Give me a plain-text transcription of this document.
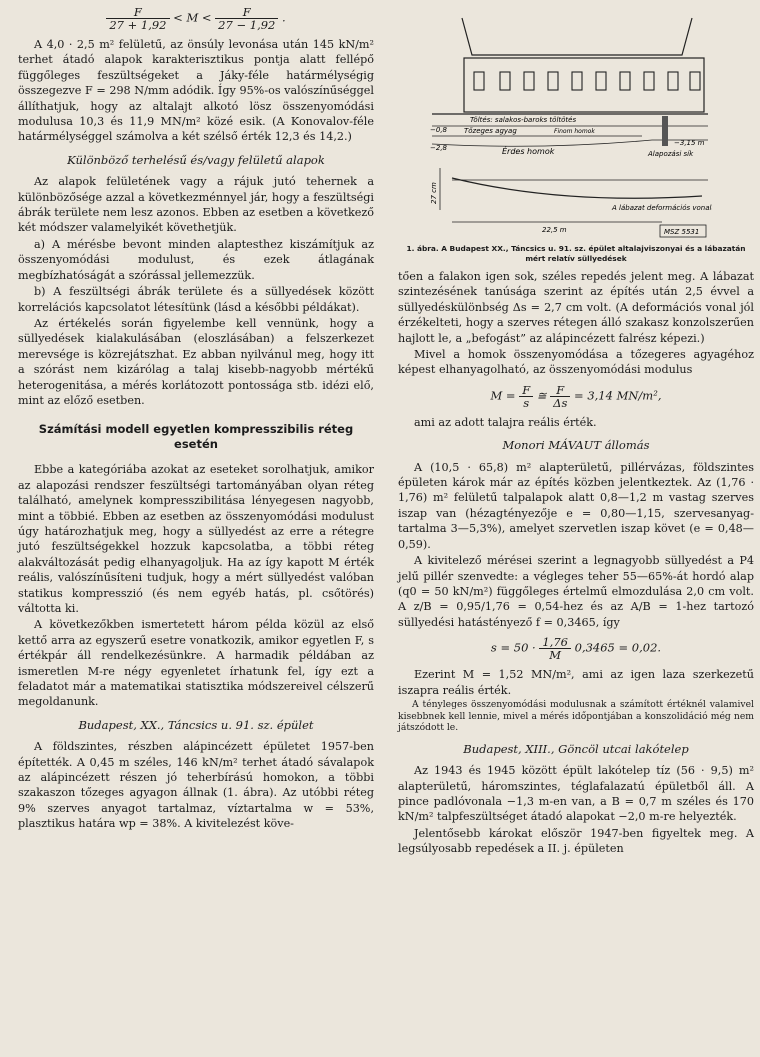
$\frac{F}{27 + 1,92} < M < \frac{F}{27 - 1,92}$ .

A 4,0 · 2,5 m² felületű, az önsúly levonása után 145 kN/m² terhet átadó alapok karakterisztikus pontja alatt fellépő függőleges feszültségeket a Jáky-féle határmélységig összegezve F = 298 N/mm adódik. Így 95%-os valószínűséggel állíthatjuk, hogy az altalajt alkotó lösz összenyomódási modulusa 10,3 és 11,9 MN/m² közé esik. (A Konovalov-féle határmélységgel számolva a két szélső érték 12,3 és 14,2.)

Különböző terhelésű és/vagy felületű alapok

Az alapok felületének vagy a rájuk jutó tehernek a különbözősége azzal a következménnyel jár, hogy a feszültségi ábrák területe nem lesz azonos. Ebben az esetben a következő két módszer valamelyikét követhetjük.

a) A mérésbe bevont minden alaptesthez kiszámítjuk az összenyomódási modulust, és ezek átlagának megbízhatóságát a szórással jellemezzük.

b) A feszültségi ábrák területe és a süllyedések között korrelációs kapcsolatot létesítünk (lásd a későbbi példákat).

Az értékelés során figyelembe kell vennünk, hogy a süllyedések kialakulásában (eloszlásában) a felszerkezet merevsége is közrejátszhat. Ez abban nyilvánul meg, hogy itt a szórást nem kizárólag a talaj kisebb-nagyobb mértékű heterogenitása, a mérés korlátozott pontossága stb. idézi elő, mint az előző esetben.

Számítási modell egyetlen kompresszibilis réteg esetén

Ebbe a kategóriába azokat az eseteket sorolhatjuk, amikor az alapozási rendszer feszültségi tartományában olyan réteg található, amelynek kompresszibilitása lényegesen nagyobb, mint a többié. Ebben az esetben az összenyomódási modulust úgy határozhatjuk meg, hogy a süllyedést az erre a rétegre jutó feszültségekkel hozzuk kapcsolatba, a többi réteg alakváltozását pedig elhanyagoljuk. Ha az így kapott M érték reális, valószínűsíteni tudjuk, hogy a mért süllyedést valóban statikus kompresszió (és nem egyéb hatás, pl. csőtörés) váltotta ki.

A következőkben ismertetett három példa közül az első kettő arra az egyszerű esetre vonatkozik, amikor egyetlen F, s értékpár áll rendelkezésünkre. A harmadik példában az ismeretlen M-re négy egyenletet írhatunk fel, így ezt a feladatot már a matematikai statisztika módszereivel célszerű megoldanunk.

Budapest, XX., Táncsics u. 91. sz. épület

A földszintes, részben alápincézett épületet 1957-ben építették. A 0,45 m széles, 146 kN/m² terhet átadó sávalapok az alápincézett részen jó teherbírású homokon, a többi szakaszon tőzeges agyagon állnak (1. ábra). Az utóbbi réteg 9% szerves anyagot tartalmaz, víztartalma w = 53%, plasztikus határa wp = 38%. A kivitelezést köve-

Töltés: salakos-baroks töltötés
Tőzeges agyag	Finom homok
Érdes homok	Alapozási sík
−0,8
−2,8
−3,15 m
A lábazat deformációs vonala
27 cm
22,5 m	MSZ 5531

1. ábra. A Budapest XX., Táncsics u. 91. sz. épület altalajviszonyai és a lábazatán mért relatív süllyedések

tően a falakon igen sok, széles repedés jelent meg. A lábazat szintezésének tanúsága szerint az építés után 2,5 évvel a süllyedéskülönbség Δs = 2,7 cm volt. (A deformációs vonal jól érzékelteti, hogy a szerves rétegen álló szakasz konzolszerűen hajlott le, a „befogást” az alápincézett falrész képezi.)

Mivel a homok összenyomódása a tőzegeres agyagéhoz képest elhanyagolható, az összenyomódási modulus

$M = \frac{F}{s}$ ≅ $\frac{F}{\Delta s} = 3,14$ MN/m²,

ami az adott talajra reális érték.

Monori MÁVAUT állomás

A (10,5 · 65,8) m² alapterületű, pillérvázas, földszintes épületen károk már az építés közben jelentkeztek. Az (1,76 · 1,76) m² felületű talpalapok alatt 0,8—1,2 m vastag szerves iszap van (hézagtényezője e = 0,80—1,15, szervesanyag-tartalma 3—5,3%), amelyet szervetlen iszap követ (e = 0,48—0,59).

A kivitelező mérései szerint a legnagyobb süllyedést a P4 jelű pillér szenvedte: a végleges teher 55—65%-át hordó alap (q0 = 50 kN/m²) függőleges értelmű elmozdulása 2,0 cm volt. A z/B = 0,95/1,76 = 0,54-hez és az A/B = 1-hez tartozó süllyedési hatástényező f = 0,3465, így

$s = 50 \cdot \frac{1,76}{M} 0,3465 = 0,02$.

Ezerint M = 1,52 MN/m², ami az igen laza szerkezetű iszapra reális érték.

A tényleges összenyomódási modulusnak a számított értéknél valamivel kisebbnek kell lennie, mivel a mérés időpontjában a konszolidáció még nem játszódott le.

Budapest, XIII., Göncöl utcai lakótelep

Az 1943 és 1945 között épült lakótelep tíz (56 · 9,5) m² alapterületű, háromszintes, téglafalazatú épületből áll. A pince padlóvonala −1,3 m-en van, a B = 0,7 m széles és 170 kN/m² talpfeszültséget átadó alapokat −2,0 m-re helyezték.

Jelentősebb károkat először 1947-ben figyeltek meg. A legsúlyosabb repedések a II. j. épületen
